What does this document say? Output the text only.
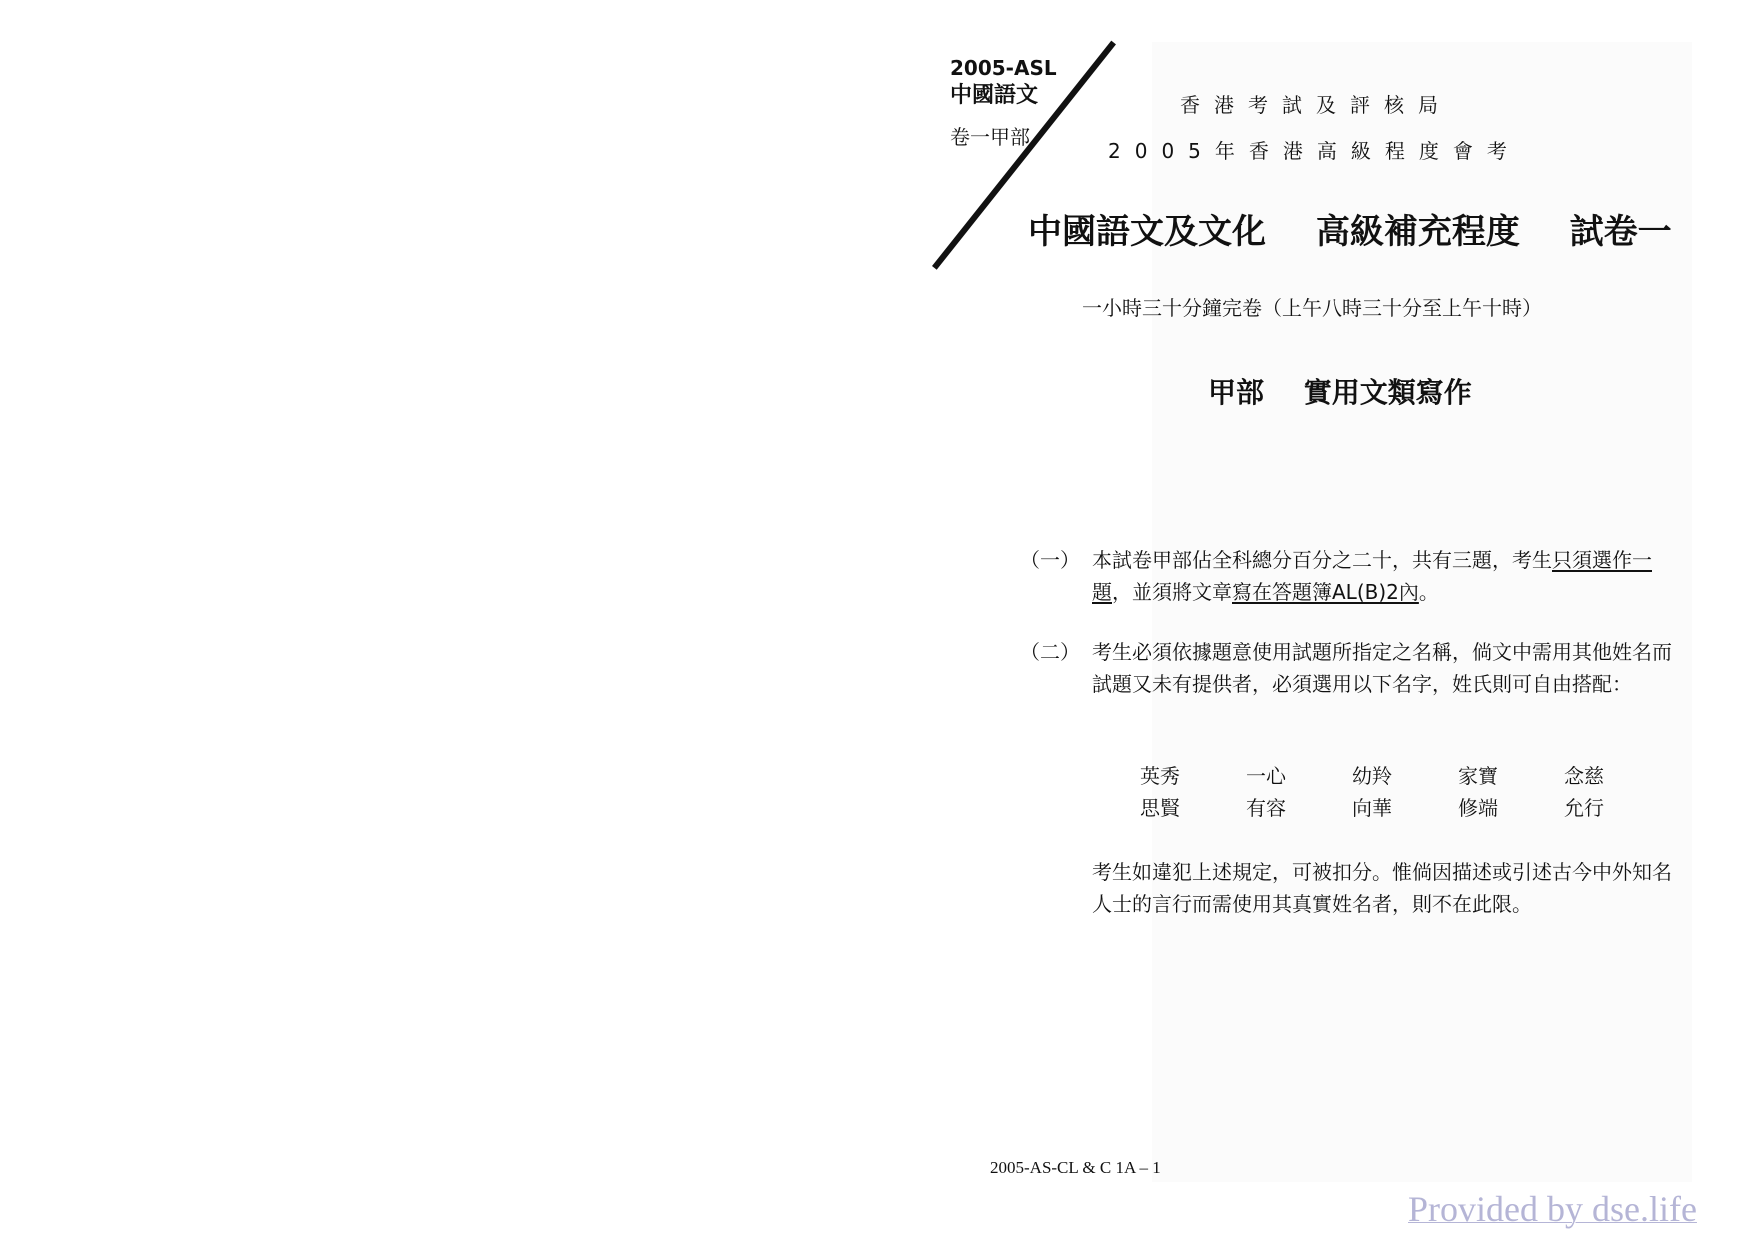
2005-ASL
中國語文
卷一甲部
香港考試及評核局
2005年香港高級程度會考
中國語文及文化 高級補充程度 試卷一
一小時三十分鐘完卷（上午八時三十分至上午十時）
甲部 實用文類寫作
（一） 本試卷甲部佔全科總分百分之二十，共有三題，考生只須選作一題，並須將文章寫在答題簿AL(B)2內。
（二） 考生必須依據題意使用試題所指定之名稱，倘文中需用其他姓名而試題又未有提供者，必須選用以下名字，姓氏則可自由搭配：
英秀	一心	幼羚	家寶	念慈
思賢	有容	向華	修端	允行
考生如違犯上述規定，可被扣分。惟倘因描述或引述古今中外知名人士的言行而需使用其真實姓名者，則不在此限。
2005-AS-CL & C 1A – 1
Provided by dse.life
